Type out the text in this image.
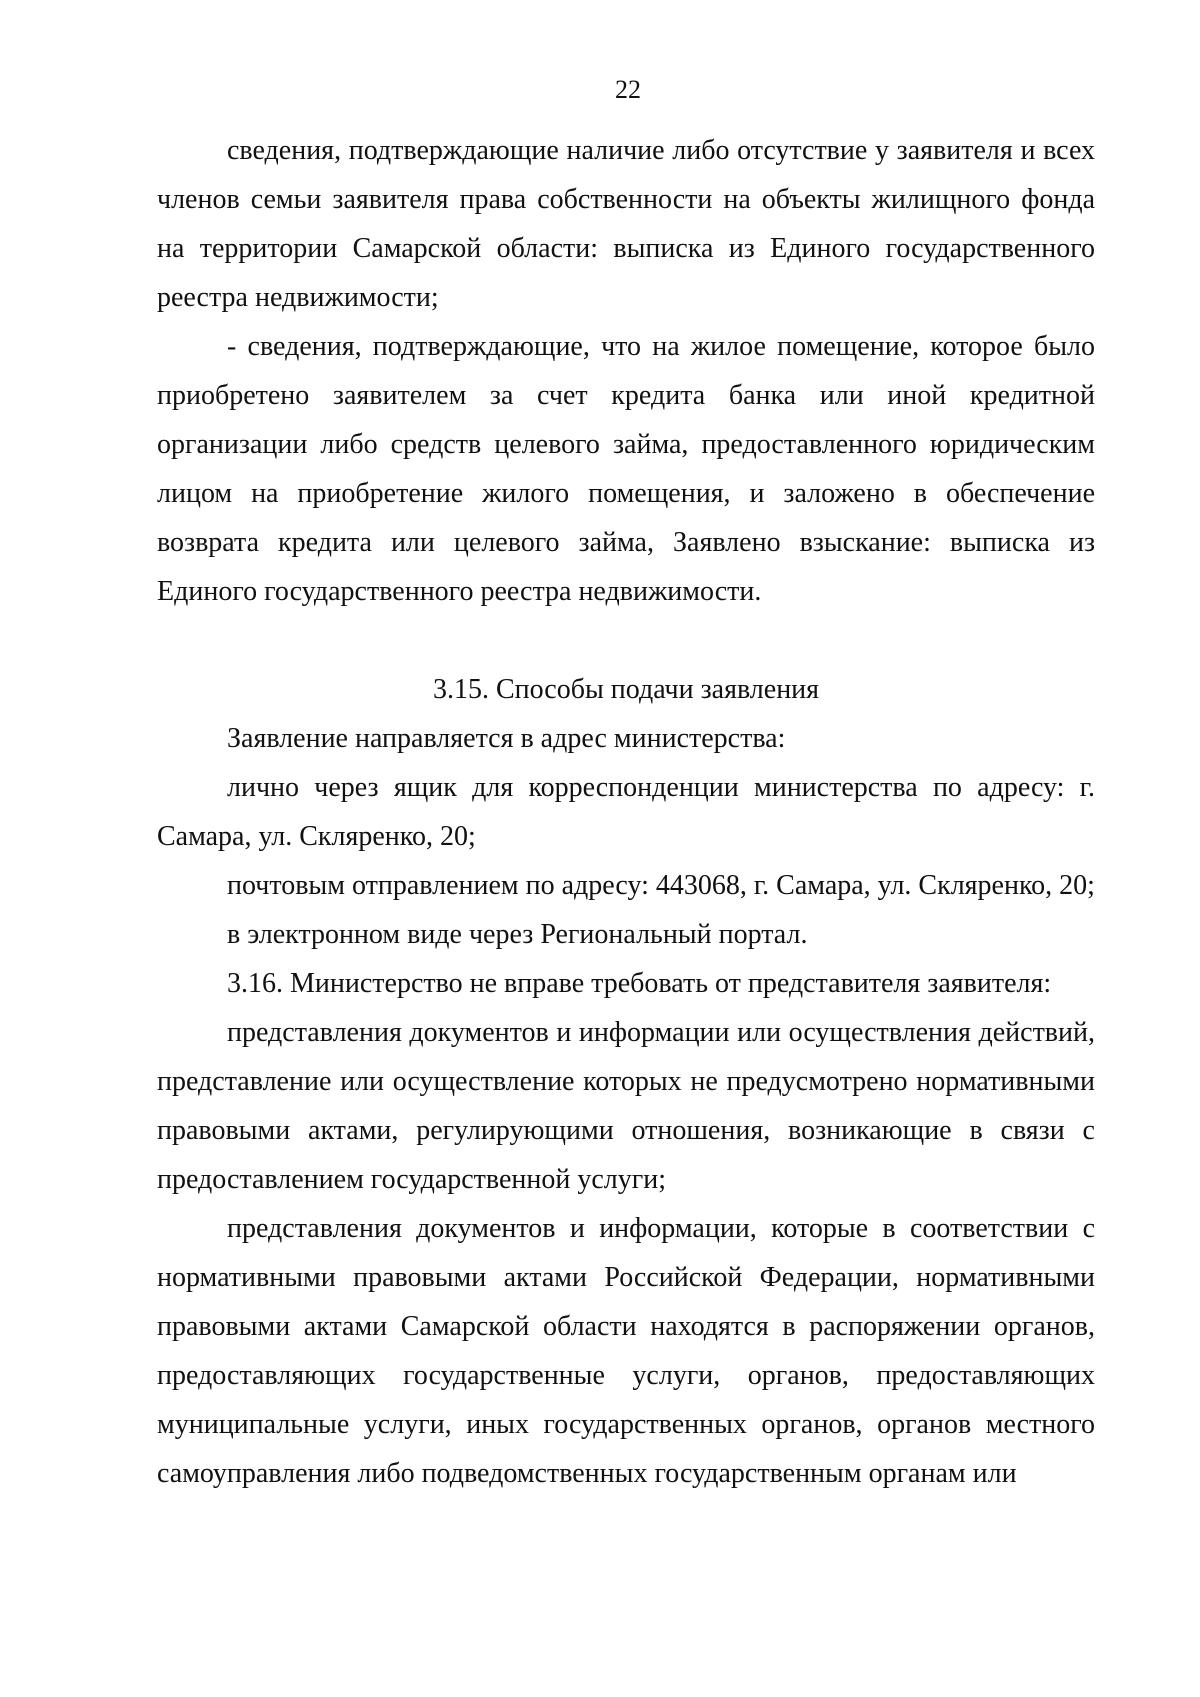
22

сведения, подтверждающие наличие либо отсутствие у заявителя и всех членов семьи заявителя права собственности на объекты жилищного фонда на территории Самарской области: выписка из Единого государственного реестра недвижимости;

- сведения, подтверждающие, что на жилое помещение, которое было приобретено заявителем за счет кредита банка или иной кредитной организации либо средств целевого займа, предоставленного юридическим лицом на приобретение жилого помещения, и заложено в обеспечение возврата кредита или целевого займа, Заявлено взыскание: выписка из Единого государственного реестра недвижимости.

3.15. Способы подачи заявления

Заявление направляется в адрес министерства:

лично через ящик для корреспонденции министерства по адресу: г. Самара, ул. Скляренко, 20;

почтовым отправлением по адресу: 443068, г. Самара, ул. Скляренко, 20;

в электронном виде через Региональный портал.

3.16. Министерство не вправе требовать от представителя заявителя:

представления документов и информации или осуществления действий, представление или осуществление которых не предусмотрено нормативными правовыми актами, регулирующими отношения, возникающие в связи с предоставлением государственной услуги;

представления документов и информации, которые в соответствии с нормативными правовыми актами Российской Федерации, нормативными правовыми актами Самарской области находятся в распоряжении органов, предоставляющих государственные услуги, органов, предоставляющих муниципальные услуги, иных государственных органов, органов местного самоуправления либо подведомственных государственным органам или
